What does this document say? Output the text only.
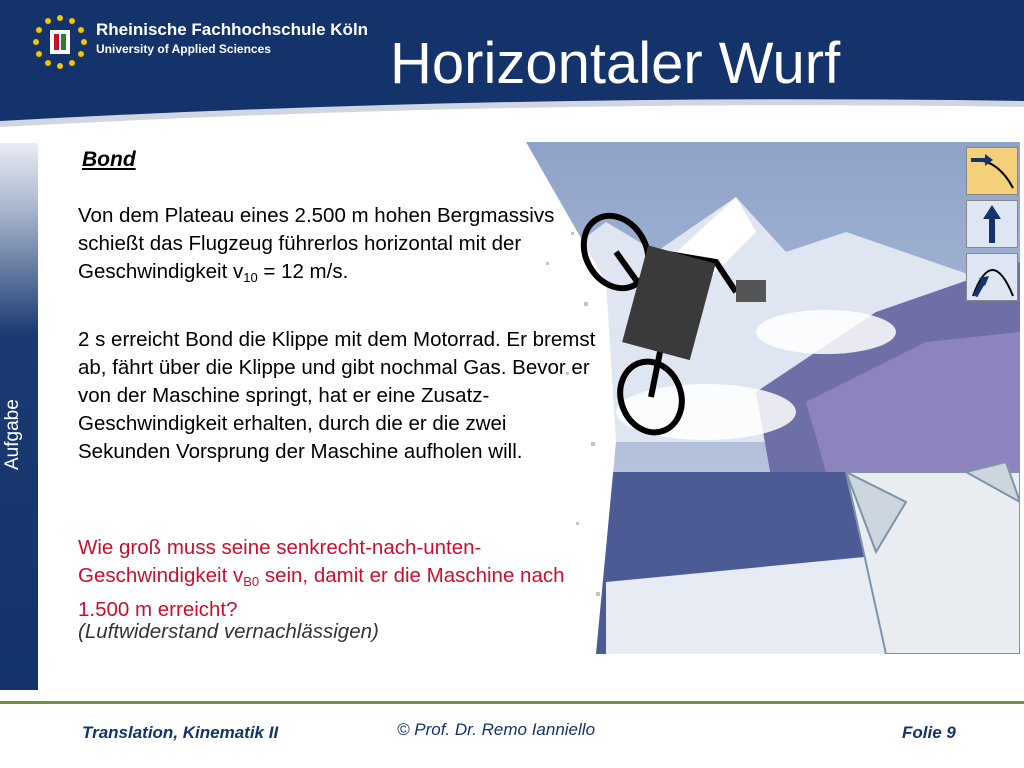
Rheinische Fachhochschule Köln
University of Applied Sciences Horizontaler Wurf
Aufgabe
Bond
Von dem Plateau eines 2.500 m hohen Bergmassivs schießt das Flugzeug führerlos horizontal mit der Geschwindigkeit $v_{10} = 12$ m/s.
2 s erreicht Bond die Klippe mit dem Motorrad. Er bremst ab, fährt über die Klippe und gibt nochmal Gas. Bevor er von der Maschine springt, hat er eine Zusatz-Geschwindigkeit erhalten, durch die er die zwei Sekunden Vorsprung der Maschine aufholen will.
Wie groß muss seine senkrecht-nach-unten-Geschwindigkeit $v_{B0}$ sein, damit er die Maschine nach 1.500 m erreicht?
(Luftwiderstand vernachlässigen)
Translation, Kinematik II	© Prof. Dr. Remo Ianniello	Folie 9
